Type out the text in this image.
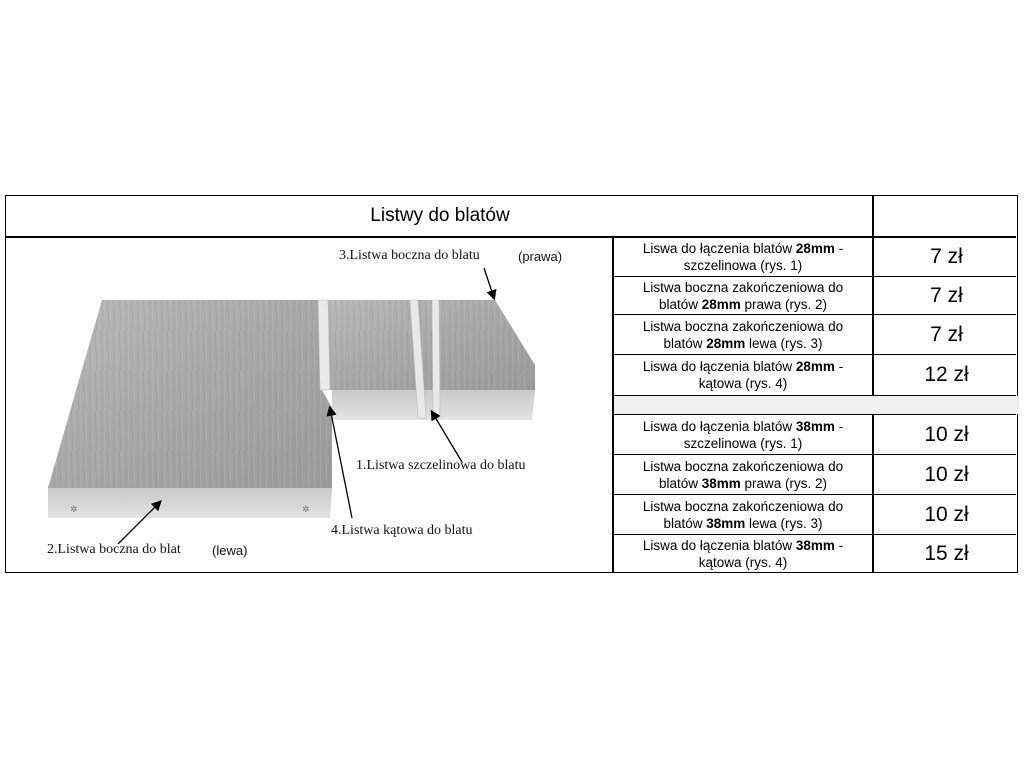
Listwy do blatów
Liswa do łączenia blatów 28mm -
szczelinowa (rys. 1)	7 zł
Listwa boczna zakończeniowa do
blatów 28mm prawa (rys. 2)	7 zł
Listwa boczna zakończeniowa do
blatów 28mm lewa (rys. 3)	7 zł
Liswa do łączenia blatów 28mm -
kątowa (rys. 4)	12 zł
Liswa do łączenia blatów 38mm -
szczelinowa (rys. 1)	10 zł
Listwa boczna zakończeniowa do
blatów 38mm prawa (rys. 2)	10 zł
Listwa boczna zakończeniowa do
blatów 38mm lewa (rys. 3)	10 zł
Liswa do łączenia blatów 38mm -
kątowa (rys. 4)	15 zł
✲	✲
3.Listwa boczna do blatu	(prawa)
1.Listwa szczelinowa do blatu
4.Listwa kątowa do blatu
2.Listwa boczna do blat (lewa)
